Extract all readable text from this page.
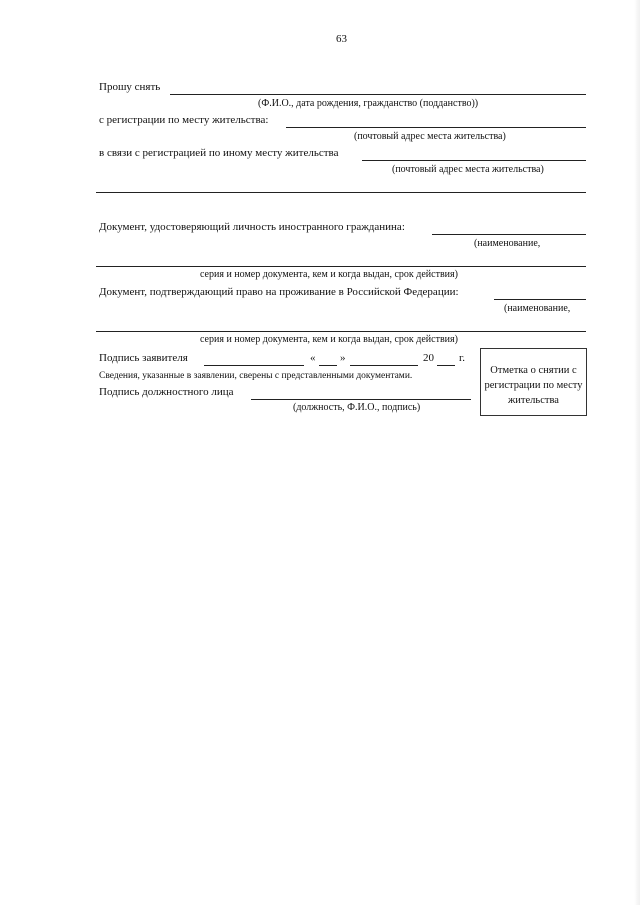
63
Прошу снять
(Ф.И.О., дата рождения, гражданство (подданство))
с регистрации по месту жительства:
(почтовый адрес места жительства)
в связи с регистрацией по иному месту жительства
(почтовый адрес места жительства)
Документ, удостоверяющий личность иностранного гражданина:
(наименование,
серия и номер документа, кем и когда выдан, срок действия)
Документ, подтверждающий право на проживание в Российской Федерации:
(наименование,
серия и номер документа, кем и когда выдан, срок действия)
Подпись заявителя	« »	20 г.
Сведения, указанные в заявлении, сверены с представленными документами.
Подпись должностного лица
(должность, Ф.И.О., подпись)
Отметка о снятии с
регистрации по месту
жительства
